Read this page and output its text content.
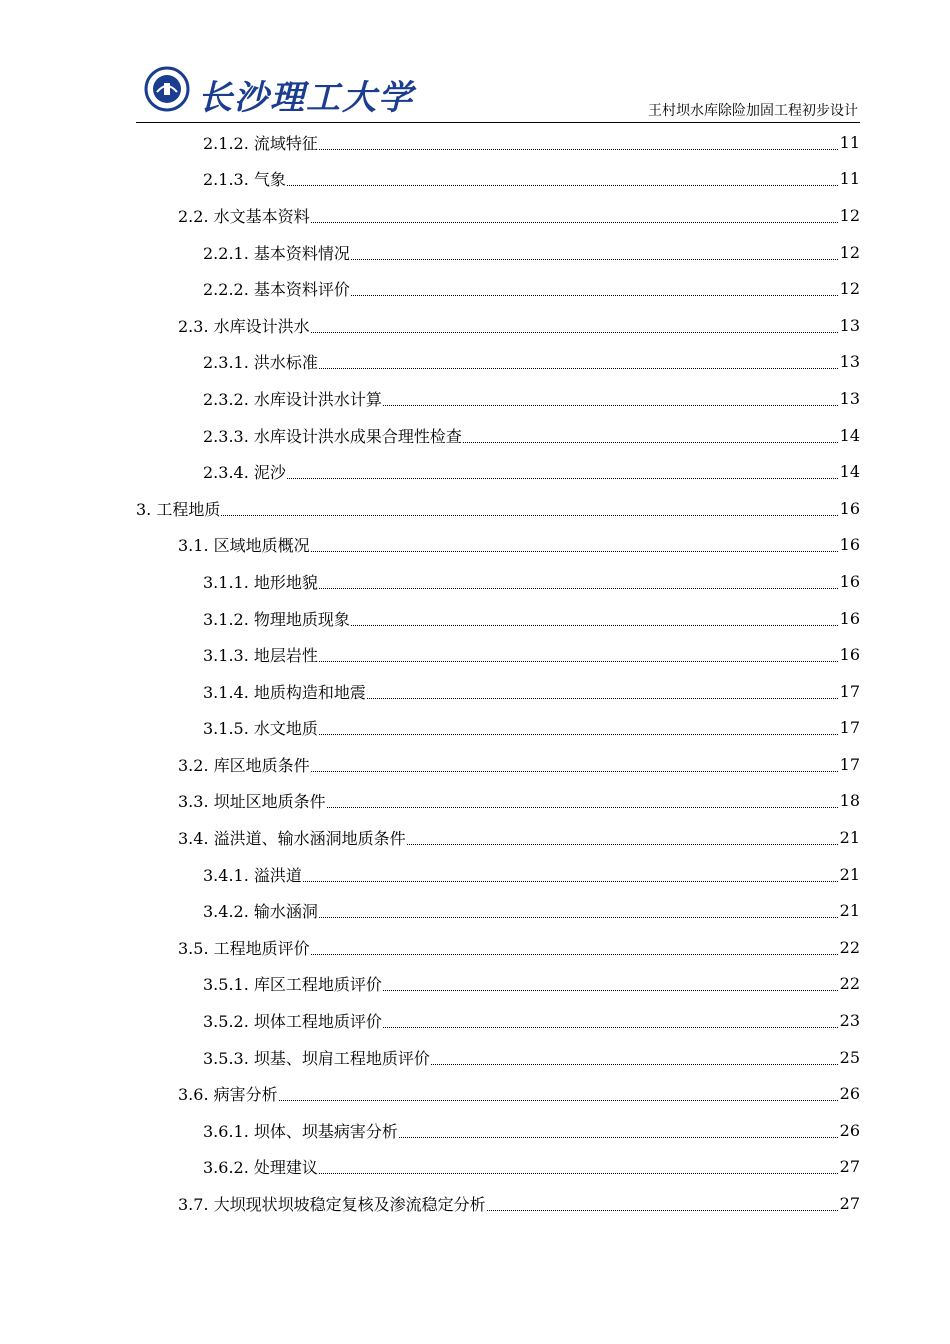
长沙理工大学	王村坝水库除险加固工程初步设计
2.1.2. 流域特征	11
2.1.3. 气象	11
2.2. 水文基本资料	12
2.2.1. 基本资料情况	12
2.2.2. 基本资料评价	12
2.3. 水库设计洪水	13
2.3.1. 洪水标准	13
2.3.2. 水库设计洪水计算	13
2.3.3. 水库设计洪水成果合理性检查	14
2.3.4. 泥沙	14
3. 工程地质	16
3.1. 区域地质概况	16
3.1.1. 地形地貌	16
3.1.2. 物理地质现象	16
3.1.3. 地层岩性	16
3.1.4. 地质构造和地震	17
3.1.5. 水文地质	17
3.2. 库区地质条件	17
3.3. 坝址区地质条件	18
3.4. 溢洪道、输水涵洞地质条件	21
3.4.1. 溢洪道	21
3.4.2. 输水涵洞	21
3.5. 工程地质评价	22
3.5.1. 库区工程地质评价	22
3.5.2. 坝体工程地质评价	23
3.5.3. 坝基、坝肩工程地质评价	25
3.6. 病害分析	26
3.6.1. 坝体、坝基病害分析	26
3.6.2. 处理建议	27
3.7. 大坝现状坝坡稳定复核及渗流稳定分析	27
